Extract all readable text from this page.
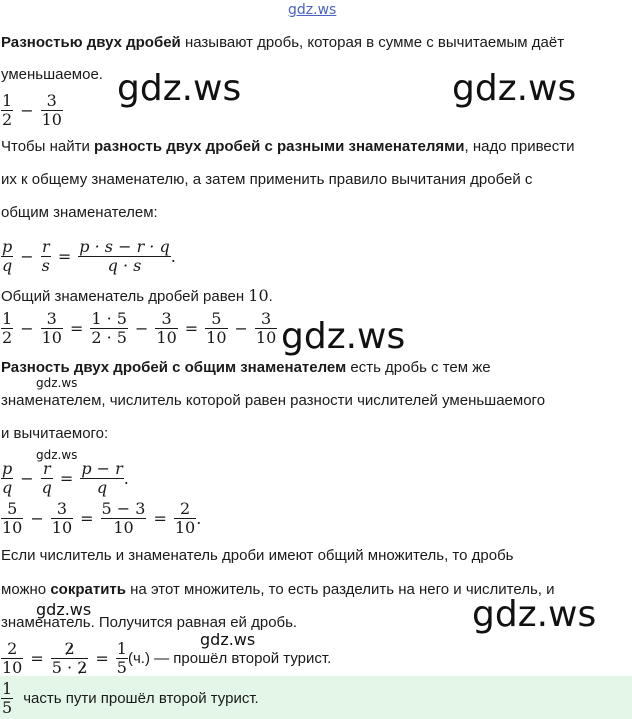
gdz.ws
Разностью двух дробей называют дробь, которая в сумме с вычитаемым даёт
уменьшаемое.
$\frac{1}{2} - \frac{3}{10}$
Чтобы найти разность двух дробей с разными знаменателями, надо привести
их к общему знаменателю, а затем применить правило вычитания дробей с
общим знаменателем:
$\frac{p}{q} - \frac{r}{s} = \frac{p \cdot s - r \cdot q}{q \cdot s}$ .
Общий знаменатель дробей равен 10.
$\frac{1}{2} - \frac{3}{10} = \frac{1 \cdot 5}{2 \cdot 5} - \frac{3}{10} = \frac{5}{10} - \frac{3}{10}$
Разность двух дробей с общим знаменателем есть дробь с тем же
знаменателем, числитель которой равен разности числителей уменьшаемого
и вычитаемого:
$\frac{p}{q} - \frac{r}{q} = \frac{p - r}{q}$ .
$\frac{5}{10} - \frac{3}{10} = \frac{5 - 3}{10} = \frac{2}{10}$ .
Если числитель и знаменатель дроби имеют общий множитель, то дробь
можно сократить на этот множитель, то есть разделить на него и числитель, и
знаменатель. Получится равная ей дробь.
$\frac{2}{10} = \frac{2}{5 \cdot 2} = \frac{1}{5} (ч.)$ — прошёл второй турист.
$\frac{1}{5}$ часть пути прошёл второй турист.
gdz.ws	gdz.ws
gdz.ws
gdz.ws
gdz.ws
gdz.ws	gdz.ws
gdz.ws
